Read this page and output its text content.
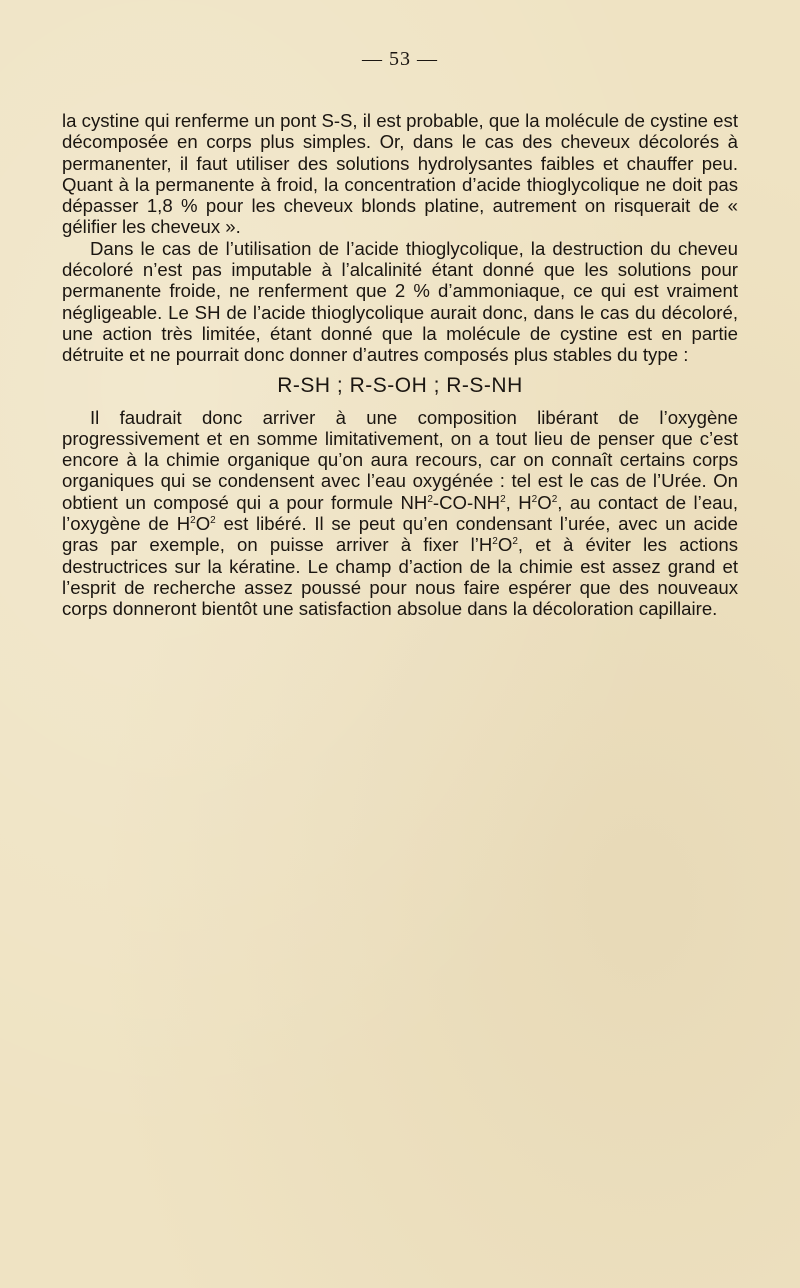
— 53 —

la cystine qui renferme un pont S-S, il est probable, que la molécule de cystine est décomposée en corps plus simples. Or, dans le cas des cheveux décolorés à permanenter, il faut utiliser des solutions hydrolysantes faibles et chauffer peu. Quant à la permanente à froid, la concentration d’acide thioglycolique ne doit pas dépasser 1,8 % pour les cheveux blonds platine, autrement on risquerait de « gélifier les cheveux ».

Dans le cas de l’utilisation de l’acide thioglycolique, la destruction du cheveu décoloré n’est pas imputable à l’alcalinité étant donné que les solutions pour permanente froide, ne renferment que 2 % d’ammoniaque, ce qui est vraiment négligeable. Le SH de l’acide thioglycolique aurait donc, dans le cas du décoloré, une action très limitée, étant donné que la molécule de cystine est en partie détruite et ne pourrait donc donner d’autres composés plus stables du type :

R-SH ; R-S-OH ; R-S-NH

Il faudrait donc arriver à une composition libérant de l’oxygène progressivement et en somme limitativement, on a tout lieu de penser que c’est encore à la chimie organique qu’on aura recours, car on connaît certains corps organiques qui se condensent avec l’eau oxygénée : tel est le cas de l’Urée. On obtient un composé qui a pour formule $NH^2-CO-NH^2$, $H^2O^2$, au contact de l’eau, l’oxygène de $H^2O^2$ est libéré. Il se peut qu’en condensant l’urée, avec un acide gras par exemple, on puisse arriver à fixer $l’H^2O^2$, et à éviter les actions destructrices sur la kératine. Le champ d’action de la chimie est assez grand et l’esprit de recherche assez poussé pour nous faire espérer que des nouveaux corps donneront bientôt une satisfaction absolue dans la décoloration capillaire.
